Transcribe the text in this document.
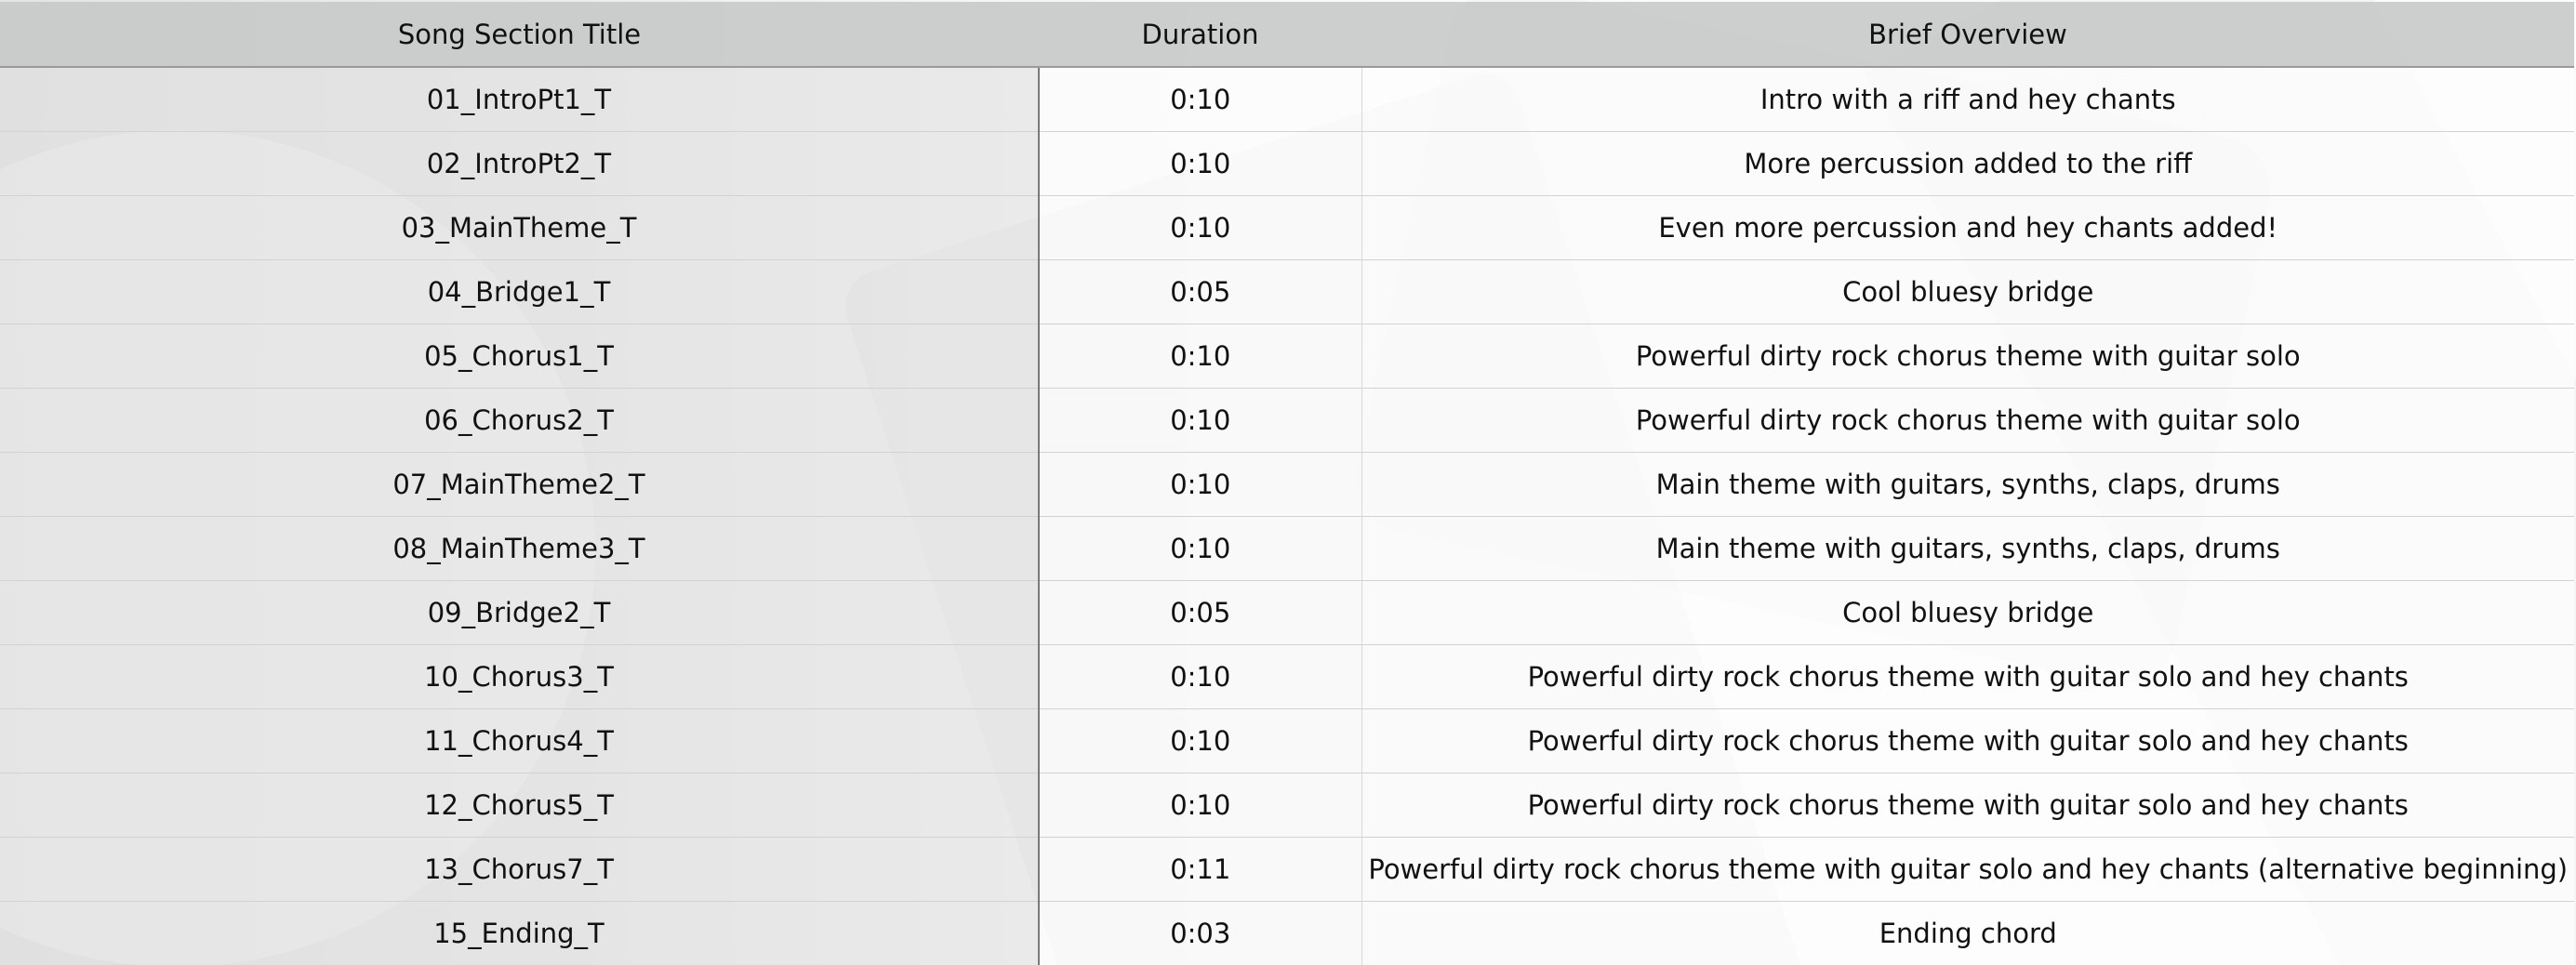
Song Section Title	Duration	Brief Overview
01_IntroPt1_T	0:10	Intro with a riff and hey chants
02_IntroPt2_T	0:10	More percussion added to the riff
03_MainTheme_T	0:10	Even more percussion and hey chants added!
04_Bridge1_T	0:05	Cool bluesy bridge
05_Chorus1_T	0:10	Powerful dirty rock chorus theme with guitar solo
06_Chorus2_T	0:10	Powerful dirty rock chorus theme with guitar solo
07_MainTheme2_T	0:10	Main theme with guitars, synths, claps, drums
08_MainTheme3_T	0:10	Main theme with guitars, synths, claps, drums
09_Bridge2_T	0:05	Cool bluesy bridge
10_Chorus3_T	0:10	Powerful dirty rock chorus theme with guitar solo and hey chants
11_Chorus4_T	0:10	Powerful dirty rock chorus theme with guitar solo and hey chants
12_Chorus5_T	0:10	Powerful dirty rock chorus theme with guitar solo and hey chants
13_Chorus7_T	0:11	Powerful dirty rock chorus theme with guitar solo and hey chants (alternative beginning)
15_Ending_T	0:03	Ending chord
